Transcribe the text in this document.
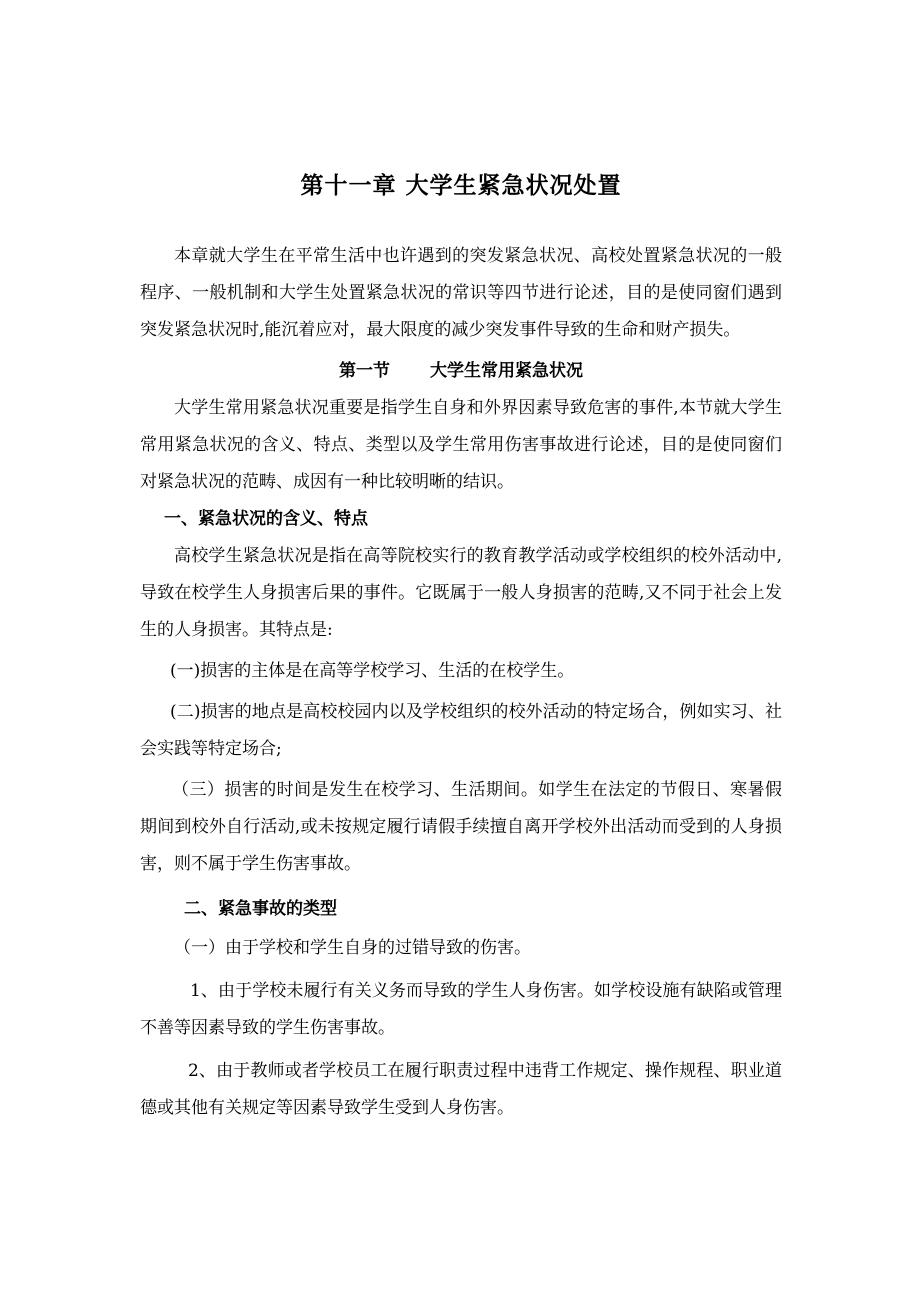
第十一章 大学生紧急状况处置

本章就大学生在平常生活中也许遇到的突发紧急状况、高校处置紧急状况的一般程序、一般机制和大学生处置紧急状况的常识等四节进行论述，目的是使同窗们遇到突发紧急状况时,能沉着应对，最大限度的减少突发事件导致的生命和财产损失。

第一节 大学生常用紧急状况

大学生常用紧急状况重要是指学生自身和外界因素导致危害的事件,本节就大学生常用紧急状况的含义、特点、类型以及学生常用伤害事故进行论述，目的是使同窗们对紧急状况的范畴、成因有一种比较明晰的结识。

一、紧急状况的含义、特点

高校学生紧急状况是指在高等院校实行的教育教学活动或学校组织的校外活动中,导致在校学生人身损害后果的事件。它既属于一般人身损害的范畴,又不同于社会上发生的人身损害。其特点是:

(一)损害的主体是在高等学校学习、生活的在校学生。

(二)损害的地点是高校校园内以及学校组织的校外活动的特定场合，例如实习、社会实践等特定场合;

（三）损害的时间是发生在校学习、生活期间。如学生在法定的节假日、寒暑假期间到校外自行活动,或未按规定履行请假手续擅自离开学校外出活动而受到的人身损害，则不属于学生伤害事故。

二、紧急事故的类型

（一）由于学校和学生自身的过错导致的伤害。

1、由于学校未履行有关义务而导致的学生人身伤害。如学校设施有缺陷或管理不善等因素导致的学生伤害事故。

2、由于教师或者学校员工在履行职责过程中违背工作规定、操作规程、职业道德或其他有关规定等因素导致学生受到人身伤害。
